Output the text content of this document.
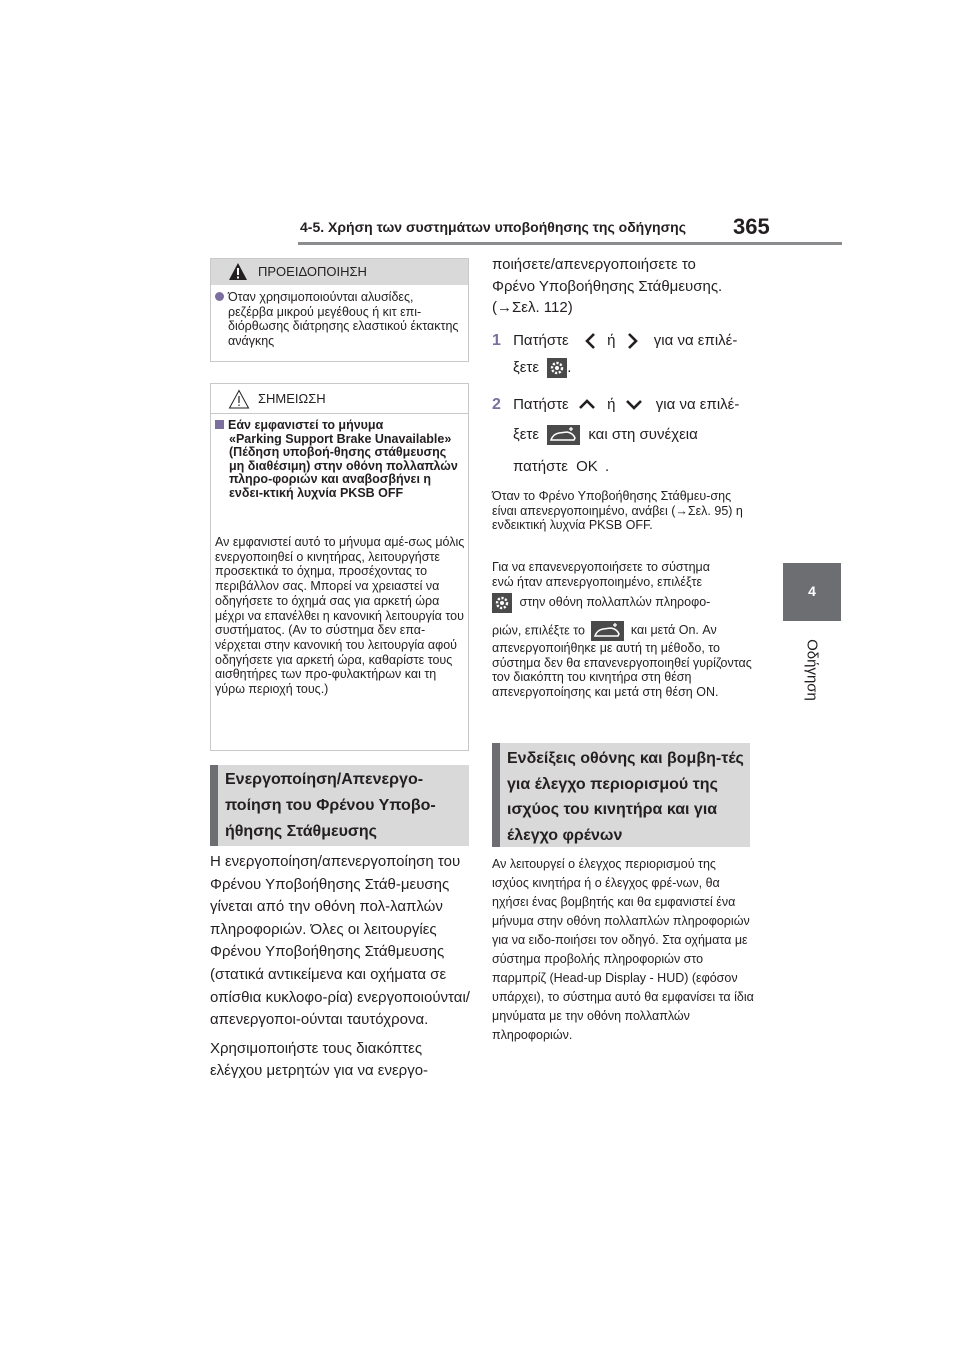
4-5. Χρήση των συστημάτων υποβοήθησης της οδήγησης 365
4
Οδήγηση
ΠΡΟΕΙΔΟΠΟΙΗΣΗ
Όταν χρησιμοποιούνται αλυσίδες,
ρεζέρβα μικρού μεγέθους ή κιτ επι-διόρθωσης διάτρησης ελαστικού έκτακτης ανάγκης
ΣΗΜΕΙΩΣΗ
Εάν εμφανιστεί το μήνυμα
«Parking Support Brake Unavailable» (Πέδηση υποβοή-θησης στάθμευσης μη διαθέσιμη) στην οθόνη πολλαπλών πληρο-φοριών και αναβοσβήνει η ενδει-κτική λυχνία PKSB OFF
Αν εμφανιστεί αυτό το μήνυμα αμέ-σως μόλις ενεργοποιηθεί ο κινητήρας, λειτουργήστε προσεκτικά το όχημα, προσέχοντας το περιβάλλον σας. Μπορεί να χρειαστεί να οδηγήσετε το όχημά σας για αρκετή ώρα μέχρι να επανέλθει η κανονική λειτουργία του συστήματος. (Αν το σύστημα δεν επα-νέρχεται στην κανονική του λειτουργία αφού οδηγήσετε για αρκετή ώρα, καθαρίστε τους αισθητήρες των προ-φυλακτήρων και τη γύρω περιοχή τους.)
Ενεργοποίηση/Απενεργο-ποίηση του Φρένου Υποβο-ήθησης Στάθμευσης

Η ενεργοποίηση/απενεργοποίηση του Φρένου Υποβοήθησης Στάθ-μευσης γίνεται από την οθόνη πολ-λαπλών πληροφοριών. Όλες οι λειτουργίες Φρένου Υποβοήθησης Στάθμευσης (στατικά αντικείμενα και οχήματα σε οπίσθια κυκλοφο-ρία) ενεργοποιούνται/απενεργοποι-ούνται ταυτόχρονα.

Χρησιμοποιήστε τους διακόπτες ελέγχου μετρητών για να ενεργο-

ποιήσετε/απενεργοποιήσετε το
Φρένο Υποβοήθησης Στάθμευσης.
(→Σελ. 112)
1 Πατήστε	ή	για να επιλέ-
ξετε .
2 Πατήστε	ή	για να επιλέ-
ξετε	και στη συνέχεια
πατήστε OK .
Όταν το Φρένο Υποβοήθησης Στάθμευ-σης είναι απενεργοποιημένο, ανάβει (→Σελ. 95) η ενδεικτική λυχνία PKSB OFF.
Για να επανενεργοποιήσετε το σύστημα
ενώ ήταν απενεργοποιημένο, επιλέξτε
στην οθόνη πολλαπλών πληροφο-
ριών, επιλέξτε το	και μετά On. Αν
απενεργοποιήθηκε με αυτή τη μέθοδο, το σύστημα δεν θα επανενεργοποιηθεί γυρίζοντας τον διακόπτη του κινητήρα στη θέση απενεργοποίησης και μετά στη θέση ON.
Ενδείξεις οθόνης και βομβη-τές για έλεγχο περιορισμού της ισχύος του κινητήρα και για έλεγχο φρένων
Αν λειτουργεί ο έλεγχος περιορισμού της ισχύος κινητήρα ή ο έλεγχος φρέ-νων, θα ηχήσει ένας βομβητής και θα εμφανιστεί ένα μήνυμα στην οθόνη πολλαπλών πληροφοριών για να ειδο-ποιήσει τον οδηγό. Στα οχήματα με σύστημα προβολής πληροφοριών στο παρμπρίζ (Head-up Display - HUD) (εφόσον υπάρχει), το σύστημα αυτό θα εμφανίσει τα ίδια μηνύματα με την οθόνη πολλαπλών πληροφοριών.
